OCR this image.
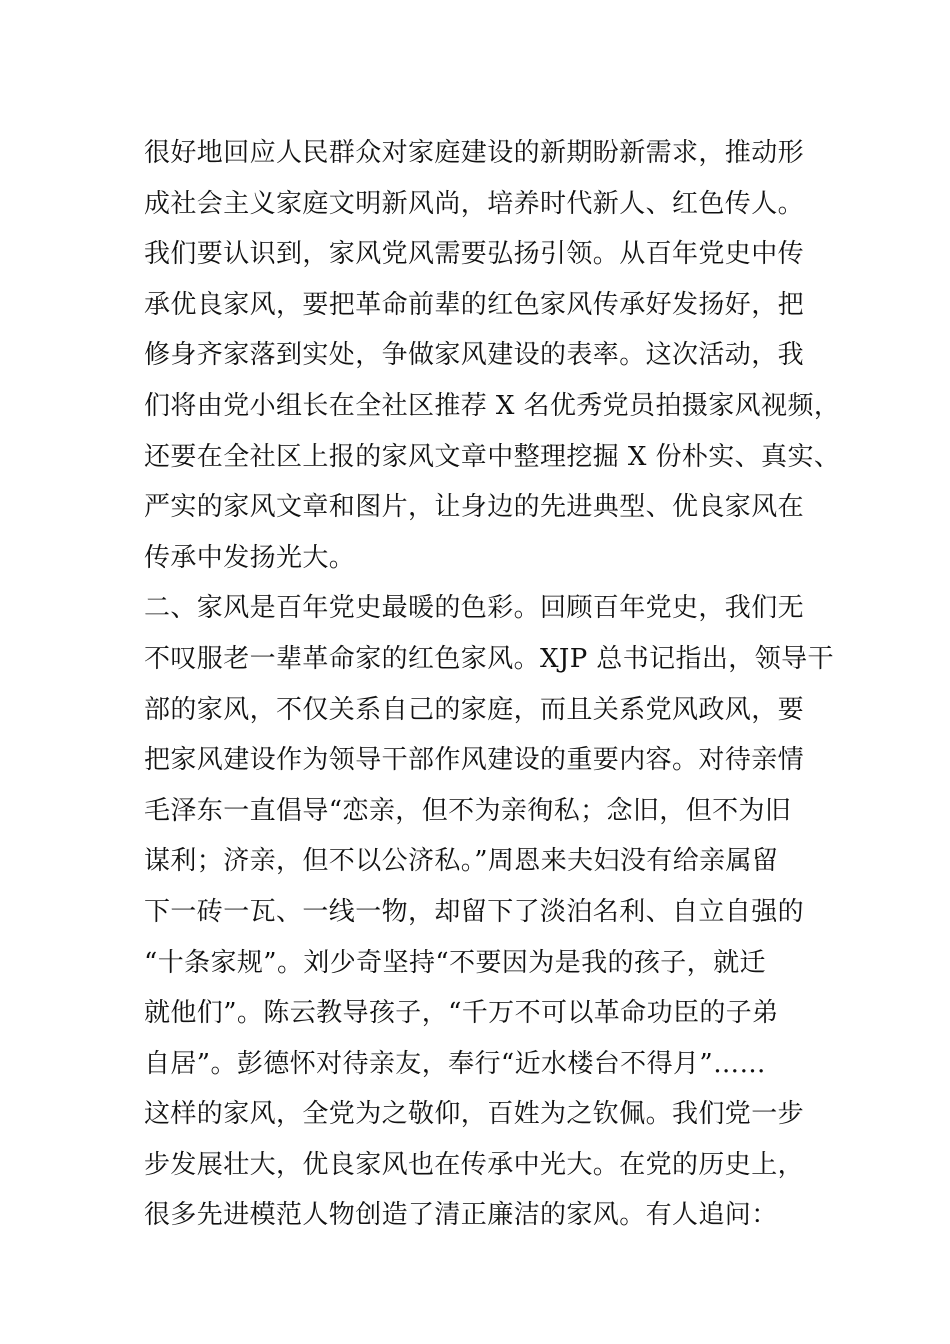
很好地回应人民群众对家庭建设的新期盼新需求，推动形
成社会主义家庭文明新风尚，培养时代新人、红色传人。
我们要认识到，家风党风需要弘扬引领。从百年党史中传
承优良家风，要把革命前辈的红色家风传承好发扬好，把
修身齐家落到实处，争做家风建设的表率。这次活动，我
们将由党小组长在全社区推荐 X 名优秀党员拍摄家风视频，
还要在全社区上报的家风文章中整理挖掘 X 份朴实、真实、
严实的家风文章和图片，让身边的先进典型、优良家风在
传承中发扬光大。
二、家风是百年党史最暖的色彩。回顾百年党史，我们无
不叹服老一辈革命家的红色家风。XJP 总书记指出，领导干
部的家风，不仅关系自己的家庭，而且关系党风政风，要
把家风建设作为领导干部作风建设的重要内容。对待亲情
毛泽东一直倡导“恋亲，但不为亲徇私；念旧，但不为旧
谋利；济亲，但不以公济私。”周恩来夫妇没有给亲属留
下一砖一瓦、一线一物，却留下了淡泊名利、自立自强的
“十条家规”。刘少奇坚持“不要因为是我的孩子，就迁
就他们”。陈云教导孩子，“千万不可以革命功臣的子弟
自居”。彭德怀对待亲友，奉行“近水楼台不得月”……
这样的家风，全党为之敬仰，百姓为之钦佩。我们党一步
步发展壮大，优良家风也在传承中光大。在党的历史上，
很多先进模范人物创造了清正廉洁的家风。有人追问：
